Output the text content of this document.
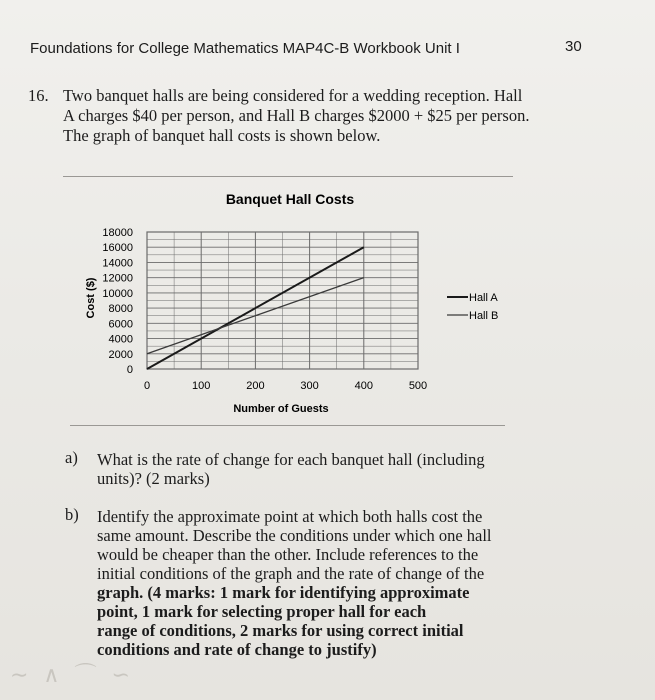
Foundations for College Mathematics MAP4C-B Workbook Unit I	30
16. Two banquet halls are being considered for a wedding reception. Hall A charges $40 per person, and Hall B charges $2000 + $25 per person. The graph of banquet hall costs is shown below.
Banquet Hall Costs
Cost ($)
Number of Guests
18000
16000
14000
12000
10000
8000
6000
4000
2000
0
0	100	200	300	400	500
Hall A
Hall B
a) What is the rate of change for each banquet hall (including
units)? (2 marks)
b) Identify the approximate point at which both halls cost the
same amount. Describe the conditions under which one hall
would be cheaper than the other. Include references to the
initial conditions of the graph and the rate of change of the
graph. (4 marks: 1 mark for identifying approximate
point, 1 mark for selecting proper hall for each
range of conditions, 2 marks for using correct initial
conditions and rate of change to justify)
∼ ∧ ⌒ ∽
